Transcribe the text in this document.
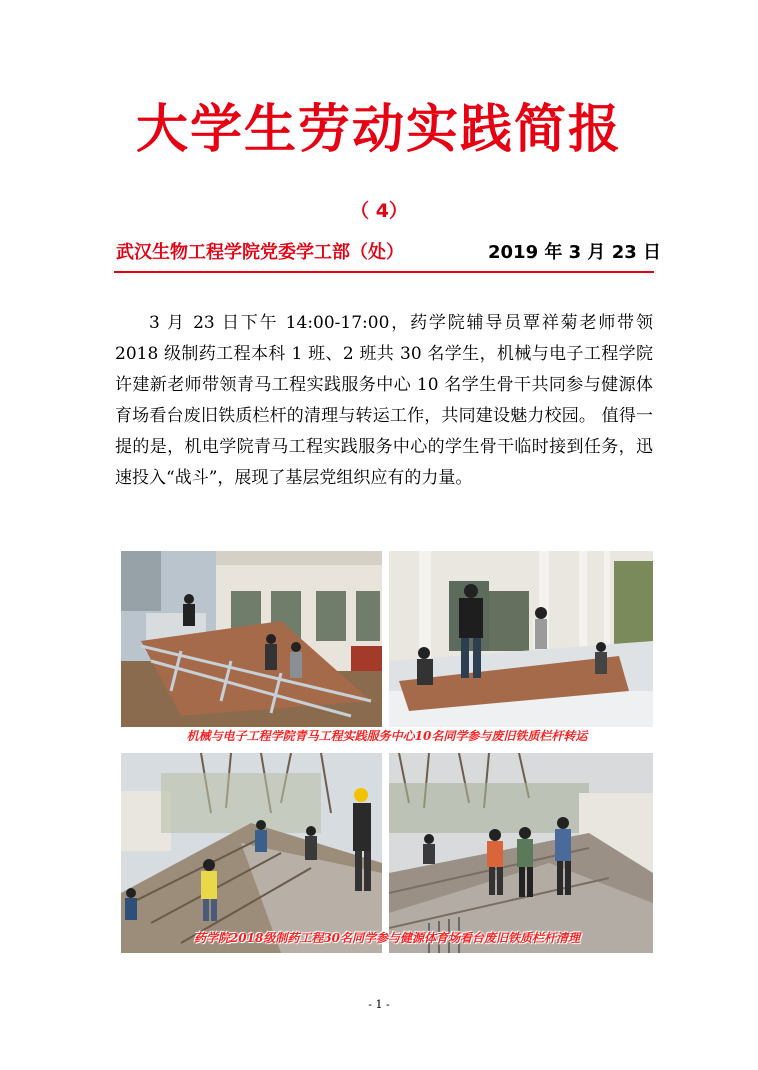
大学生劳动实践简报
（ 4）
武汉生物工程学院党委学工部（处）	2019 年 3 月 23 日

3 月 23 日下午 14:00-17:00，药学院辅导员覃祥菊老师带领 2018 级制药工程本科 1 班、2 班共 30 名学生，机械与电子工程学院许建新老师带领青马工程实践服务中心 10 名学生骨干共同参与健源体育场看台废旧铁质栏杆的清理与转运工作，共同建设魅力校园。 值得一提的是，机电学院青马工程实践服务中心的学生骨干临时接到任务，迅速投入“战斗”，展现了基层党组织应有的力量。

机械与电子工程学院青马工程实践服务中心10名同学参与废旧铁质栏杆转运
药学院2018级制药工程30名同学参与健源体育场看台废旧铁质栏杆清理
- 1 -
